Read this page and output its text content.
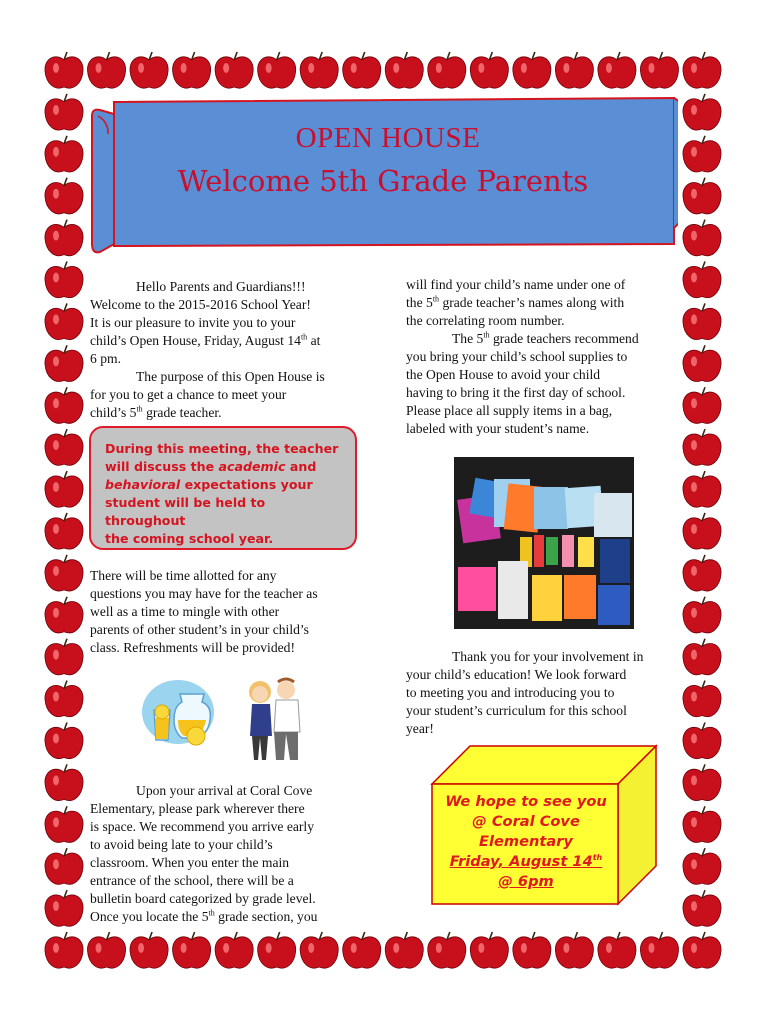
OPEN HOUSE
Welcome 5th Grade Parents

Hello Parents and Guardians!!!

Welcome to the 2015-2016 School Year!

It is our pleasure to invite you to your

child’s Open House, Friday, August 14th at

6 pm.

The purpose of this Open House is

for you to get a chance to meet your

child’s 5th grade teacher.

During this meeting, the teacher
will discuss the academic and
behavioral expectations your
student will be held to throughout
the coming school year.

There will be time allotted for any

questions you may have for the teacher as

well as a time to mingle with other

parents of other student’s in your child’s

class. Refreshments will be provided!

Upon your arrival at Coral Cove

Elementary, please park wherever there

is space. We recommend you arrive early

to avoid being late to your child’s

classroom. When you enter the main

entrance of the school, there will be a

bulletin board categorized by grade level.

Once you locate the 5th grade section, you

will find your child’s name under one of

the 5th grade teacher’s names along with

the correlating room number.

The 5th grade teachers recommend

you bring your child’s school supplies to

the Open House to avoid your child

having to bring it the first day of school.

Please place all supply items in a bag,

labeled with your student’s name.

Thank you for your involvement in

your child’s education! We look forward

to meeting you and introducing you to

your student’s curriculum for this school

year!

We hope to see you
@ Coral Cove
Elementary
Friday, August 14th
@ 6pm
